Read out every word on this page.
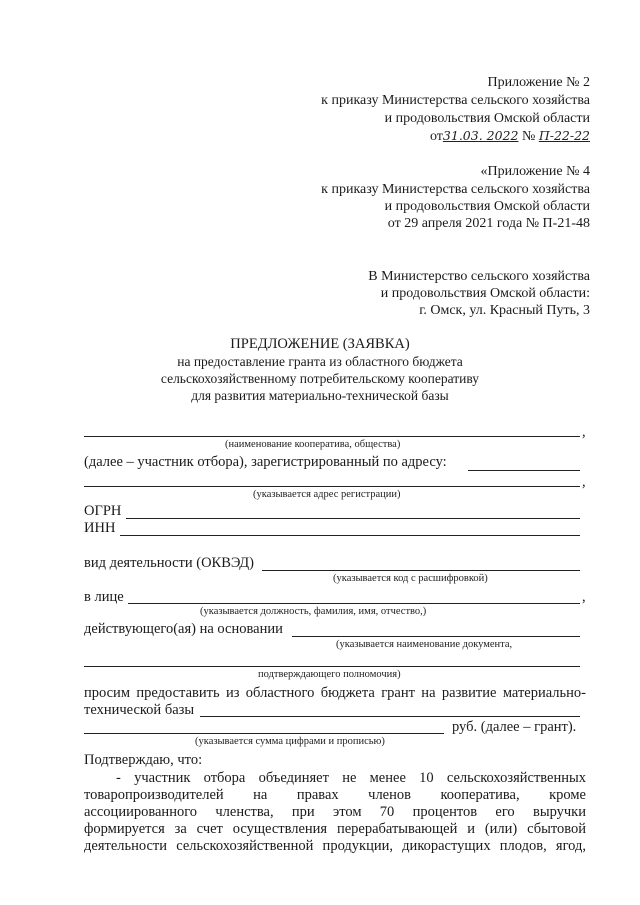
Приложение № 2
к приказу Министерства сельского хозяйства
и продовольствия Омской области
от31.03. 2022 № П-22-22
«Приложение № 4
к приказу Министерства сельского хозяйства
и продовольствия Омской области
от 29 апреля 2021 года № П-21-48
В Министерство сельского хозяйства
и продовольствия Омской области:
г. Омск, ул. Красный Путь, 3
ПРЕДЛОЖЕНИЕ (ЗАЯВКА)
на предоставление гранта из областного бюджета
сельскохозяйственному потребительскому кооперативу
для развития материально-технической базы
,
(наименование кооператива, общества)
(далее – участник отбора), зарегистрированный по адресу:
,
(указывается адрес регистрации)
ОГРН
ИНН
вид деятельности (ОКВЭД)
(указывается код с расшифровкой)
в лице	,
(указывается должность, фамилия, имя, отчество,)
действующего(ая) на основании
(указывается наименование документа,
подтверждающего полномочия)
просим предоставить из областного бюджета грант на развитие материально-
технической базы
руб. (далее – грант).
(указывается сумма цифрами и прописью)
Подтверждаю, что:
- участник отбора объединяет не менее 10 сельскохозяйственных
товаропроизводителей на правах членов кооператива, кроме
ассоциированного членства, при этом 70 процентов его выручки
формируется за счет осуществления перерабатывающей и (или) сбытовой
деятельности сельскохозяйственной продукции, дикорастущих плодов, ягод,
